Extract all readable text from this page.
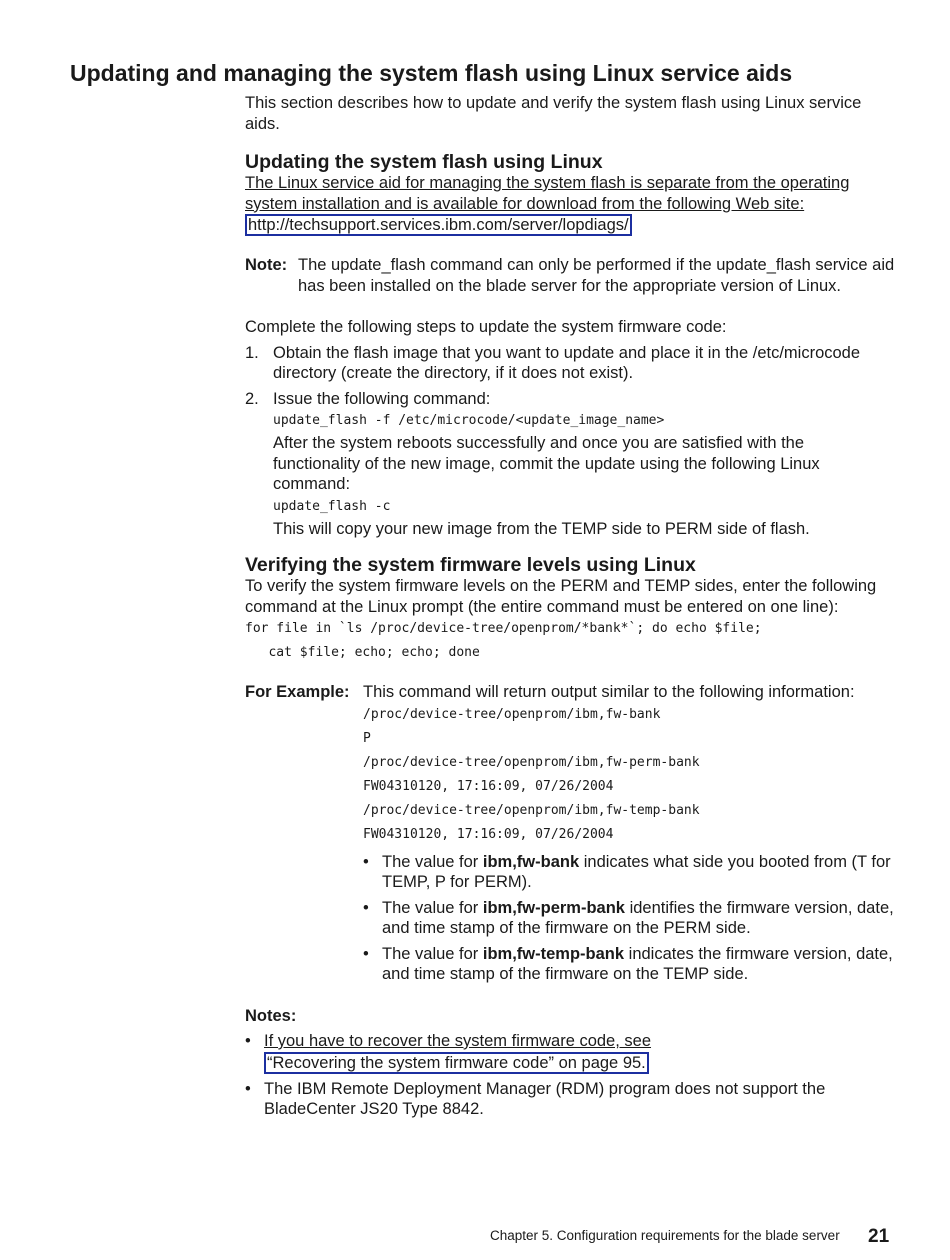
Updating and managing the system flash using Linux service aids

This section describes how to update and verify the system flash using Linux service aids.

Updating the system flash using Linux

The Linux service aid for managing the system flash is separate from the operating system installation and is available for download from the following Web site:
http://techsupport.services.ibm.com/server/lopdiags/

Note: The update_flash command can only be performed if the update_flash service aid has been installed on the blade server for the appropriate version of Linux.

Complete the following steps to update the system firmware code:

1. Obtain the flash image that you want to update and place it in the /etc/microcode directory (create the directory, if it does not exist).
2. Issue the following command:
update_flash -f /etc/microcode/<update_image_name>
After the system reboots successfully and once you are satisfied with the functionality of the new image, commit the update using the following Linux command:
update_flash -c
This will copy your new image from the TEMP side to PERM side of flash.
Verifying the system firmware levels using Linux

To verify the system firmware levels on the PERM and TEMP sides, enter the following command at the Linux prompt (the entire command must be entered on one line):

for file in `ls /proc/device-tree/openprom/*bank*`; do echo $file;
cat $file; echo; echo; done
For Example: This command will return output similar to the following information:
/proc/device-tree/openprom/ibm,fw-bank
P
/proc/device-tree/openprom/ibm,fw-perm-bank
FW04310120, 17:16:09, 07/26/2004
/proc/device-tree/openprom/ibm,fw-temp-bank
FW04310120, 17:16:09, 07/26/2004
• The value for ibm,fw-bank indicates what side you booted from (T for TEMP, P for PERM).
• The value for ibm,fw-perm-bank identifies the firmware version, date, and time stamp of the firmware on the PERM side.
• The value for ibm,fw-temp-bank indicates the firmware version, date, and time stamp of the firmware on the TEMP side.
Notes:
• If you have to recover the system firmware code, see “Recovering the system firmware code” on page 95.
• The IBM Remote Deployment Manager (RDM) program does not support the BladeCenter JS20 Type 8842.
Chapter 5. Configuration requirements for the blade server 21
